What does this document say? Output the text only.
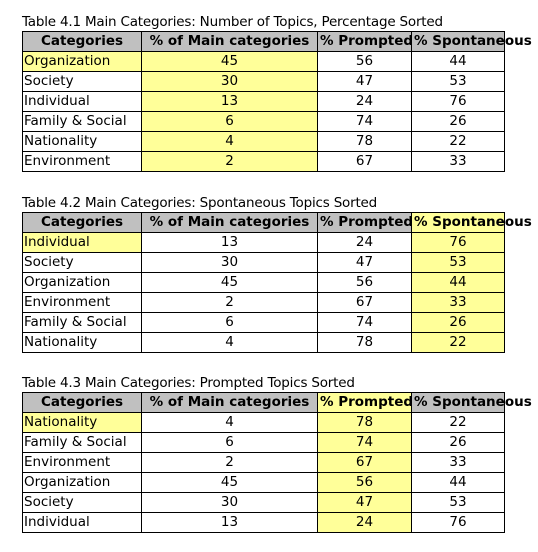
Table 4.1 Main Categories: Number of Topics, Percentage Sorted
Categories	% of Main categories	% Prompted	% Spontaneous
Organization	45	56	44
Society	30	47	53
Individual	13	24	76
Family & Social	6	74	26
Nationality	4	78	22
Environment	2	67	33
Table 4.2 Main Categories: Spontaneous Topics Sorted
Categories	% of Main categories	% Prompted	% Spontaneous
Individual	13	24	76
Society	30	47	53
Organization	45	56	44
Environment	2	67	33
Family & Social	6	74	26
Nationality	4	78	22
Table 4.3 Main Categories: Prompted Topics Sorted
Categories	% of Main categories	% Prompted	% Spontaneous
Nationality	4	78	22
Family & Social	6	74	26
Environment	2	67	33
Organization	45	56	44
Society	30	47	53
Individual	13	24	76
